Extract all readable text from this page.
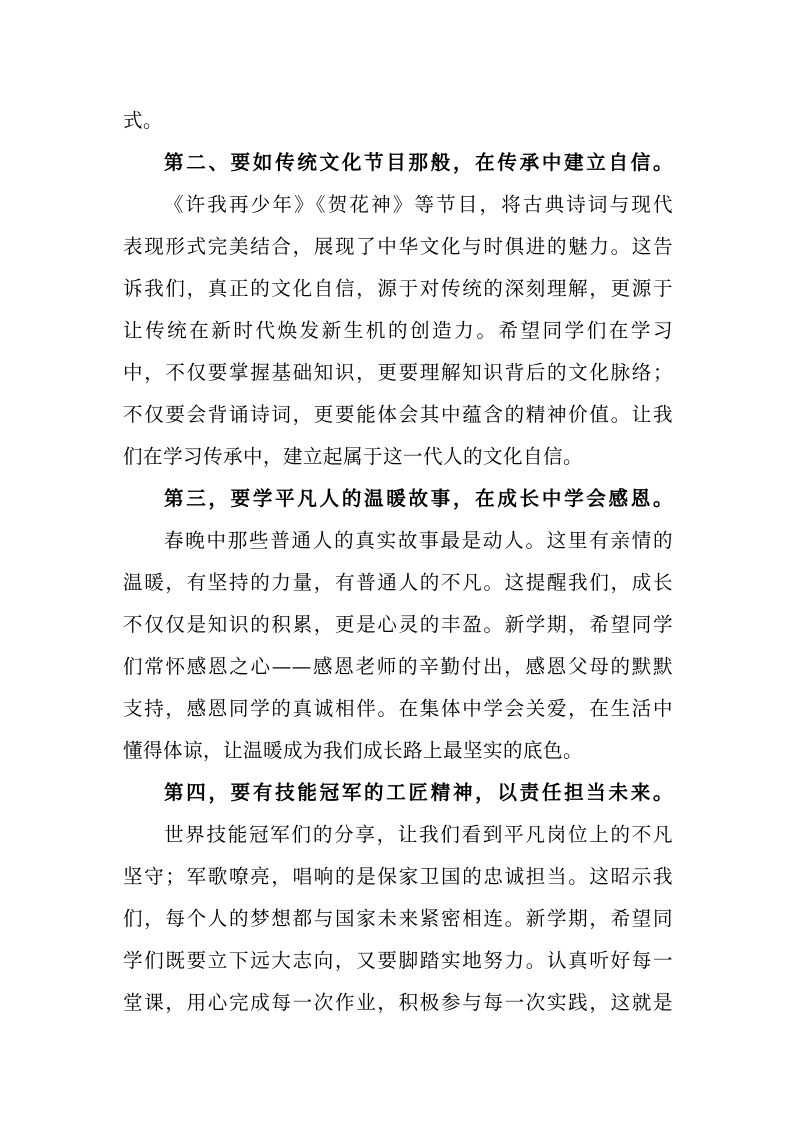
式。
第二、要如传统文化节目那般，在传承中建立自信。
《许我再少年》《贺花神》等节目，将古典诗词与现代
表现形式完美结合，展现了中华文化与时俱进的魅力。这告
诉我们，真正的文化自信，源于对传统的深刻理解，更源于
让传统在新时代焕发新生机的创造力。希望同学们在学习
中，不仅要掌握基础知识，更要理解知识背后的文化脉络；
不仅要会背诵诗词，更要能体会其中蕴含的精神价值。让我
们在学习传承中，建立起属于这一代人的文化自信。
第三，要学平凡人的温暖故事，在成长中学会感恩。
春晚中那些普通人的真实故事最是动人。这里有亲情的
温暖，有坚持的力量，有普通人的不凡。这提醒我们，成长
不仅仅是知识的积累，更是心灵的丰盈。新学期，希望同学
们常怀感恩之心——感恩老师的辛勤付出，感恩父母的默默
支持，感恩同学的真诚相伴。在集体中学会关爱，在生活中
懂得体谅，让温暖成为我们成长路上最坚实的底色。
第四，要有技能冠军的工匠精神，以责任担当未来。
世界技能冠军们的分享，让我们看到平凡岗位上的不凡
坚守；军歌嘹亮，唱响的是保家卫国的忠诚担当。这昭示我
们，每个人的梦想都与国家未来紧密相连。新学期，希望同
学们既要立下远大志向，又要脚踏实地努力。认真听好每一
堂课，用心完成每一次作业，积极参与每一次实践，这就是
